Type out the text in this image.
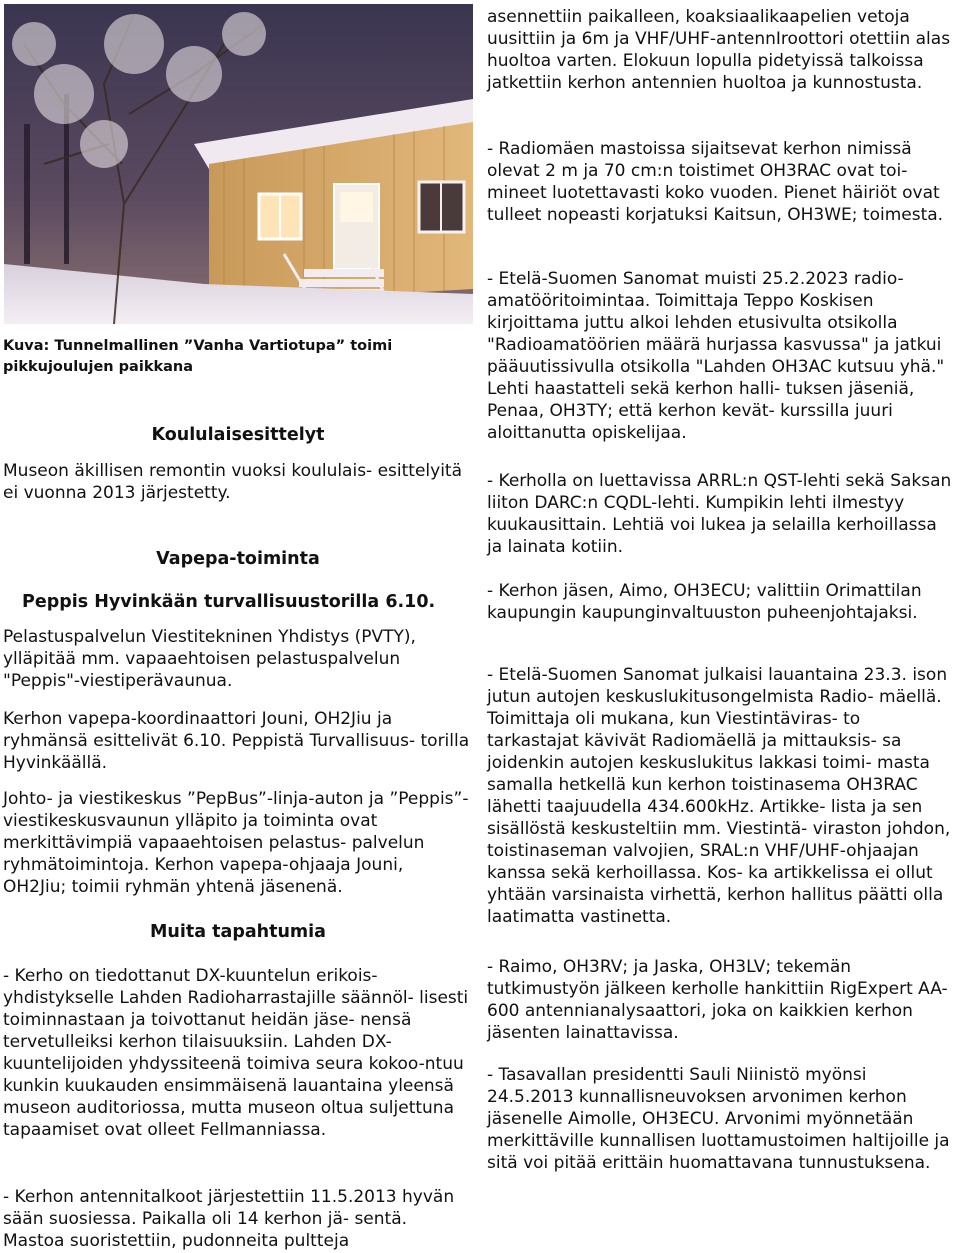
Kuva: Tunnelmallinen ”Vanha Vartiotupa” toimi pikkujoulujen paikkana
Koululaisesittelyt

Museon äkillisen remontin vuoksi koululais- esittelyitä ei vuonna 2013 järjestetty.

Vapepa-toiminta
Peppis Hyvinkään turvallisuustorilla 6.10.

Pelastuspalvelun Viestitekninen Yhdistys (PVTY), ylläpitää mm. vapaaehtoisen pelastuspalvelun "Peppis"-viestiperävaunua.

Kerhon vapepa-koordinaattori Jouni, OH2Jiu ja ryhmänsä esittelivät 6.10. Peppistä Turvallisuus- torilla Hyvinkäällä.

Johto- ja viestikeskus ”PepBus”-linja-auton ja ”Peppis”-viestikeskusvaunun ylläpito ja toiminta ovat merkittävimpiä vapaaehtoisen pelastus- palvelun ryhmätoimintoja. Kerhon vapepa-ohjaaja Jouni, OH2Jiu; toimii ryhmän yhtenä jäsenenä.

Muita tapahtumia

- Kerho on tiedottanut DX-kuuntelun erikois- yhdistykselle Lahden Radioharrastajille säännöl- lisesti toiminnastaan ja toivottanut heidän jäse- nensä tervetulleiksi kerhon tilaisuuksiin. Lahden DX-kuuntelijoiden yhdyssiteenä toimiva seura kokoo-ntuu kunkin kuukauden ensimmäisenä lauantaina yleensä museon auditoriossa, mutta museon oltua suljettuna tapaamiset ovat olleet Fellmanniassa.

- Kerhon antennitalkoot järjestettiin 11.5.2013 hyvän sään suosiessa. Paikalla oli 14 kerhon jä- sentä. Mastoa suoristettiin, pudonneita pultteja

asennettiin paikalleen, koaksiaalikaapelien vetoja uusittiin ja 6m ja VHF/UHF-antennIroottori otettiin alas huoltoa varten. Elokuun lopulla pidetyissä talkoissa jatkettiin kerhon antennien huoltoa ja kunnostusta.

- Radiomäen mastoissa sijaitsevat kerhon nimissä olevat 2 m ja 70 cm:n toistimet OH3RAC ovat toi- mineet luotettavasti koko vuoden. Pienet häiriöt ovat tulleet nopeasti korjatuksi Kaitsun, OH3WE; toimesta.

- Etelä-Suomen Sanomat muisti 25.2.2023 radio- amatööritoimintaa. Toimittaja Teppo Koskisen kirjoittama juttu alkoi lehden etusivulta otsikolla "Radioamatöörien määrä hurjassa kasvussa" ja jatkui pääuutissivulla otsikolla "Lahden OH3AC kutsuu yhä." Lehti haastatteli sekä kerhon halli- tuksen jäseniä, Penaa, OH3TY; että kerhon kevät- kurssilla juuri aloittanutta opiskelijaa.

- Kerholla on luettavissa ARRL:n QST-lehti sekä Saksan liiton DARC:n CQDL-lehti. Kumpikin lehti ilmestyy kuukausittain. Lehtiä voi lukea ja selailla kerhoillassa ja lainata kotiin.

- Kerhon jäsen, Aimo, OH3ECU; valittiin Orimattilan kaupungin kaupunginvaltuuston puheenjohtajaksi.

- Etelä-Suomen Sanomat julkaisi lauantaina 23.3. ison jutun autojen keskuslukitusongelmista Radio- mäellä. Toimittaja oli mukana, kun Viestintäviras- to tarkastajat kävivät Radiomäellä ja mittauksis- sa joidenkin autojen keskuslukitus lakkasi toimi- masta samalla hetkellä kun kerhon toistinasema OH3RAC lähetti taajuudella 434.600kHz. Artikke- lista ja sen sisällöstä keskusteltiin mm. Viestintä- viraston johdon, toistinaseman valvojien, SRAL:n VHF/UHF-ohjaajan kanssa sekä kerhoillassa. Kos- ka artikkelissa ei ollut yhtään varsinaista virhettä, kerhon hallitus päätti olla laatimatta vastinetta.

- Raimo, OH3RV; ja Jaska, OH3LV; tekemän tutkimustyön jälkeen kerholle hankittiin RigExpert AA-600 antennianalysaattori, joka on kaikkien kerhon jäsenten lainattavissa.

- Tasavallan presidentti Sauli Niinistö myönsi 24.5.2013 kunnallisneuvoksen arvonimen kerhon jäsenelle Aimolle, OH3ECU. Arvonimi myönnetään merkittäville kunnallisen luottamustoimen haltijoille ja sitä voi pitää erittäin huomattavana tunnustuksena.
